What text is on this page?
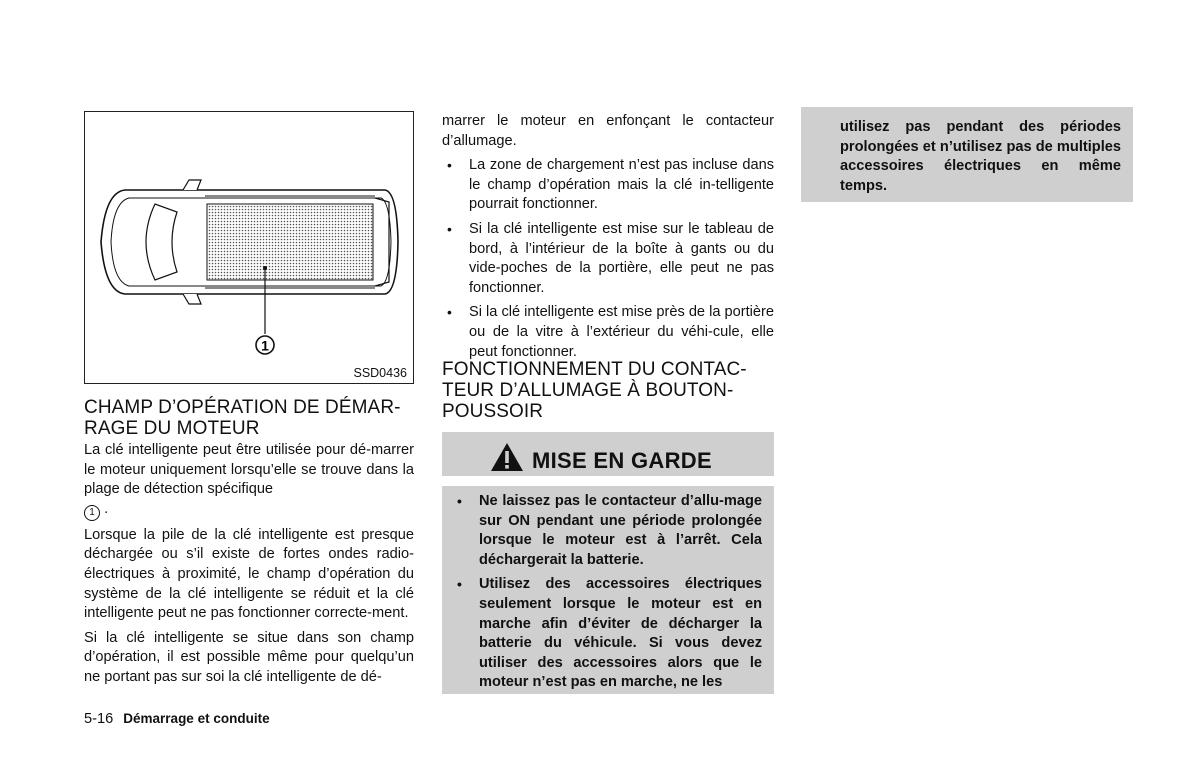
1
SSD0436
CHAMP D’OPÉRATION DE DÉMAR-
RAGE DU MOTEUR

La clé intelligente peut être utilisée pour dé-marrer le moteur uniquement lorsqu’elle se trouve dans la plage de détection spécifique
1 .

Lorsque la pile de la clé intelligente est presque déchargée ou s’il existe de fortes ondes radio-électriques à proximité, le champ d’opération du système de la clé intelligente se réduit et la clé intelligente peut ne pas fonctionner correcte-ment.

Si la clé intelligente se situe dans son champ d’opération, il est possible même pour quelqu’un ne portant pas sur soi la clé intelligente de dé-

marrer le moteur en enfonçant le contacteur d’allumage.

• La zone de chargement n’est pas incluse dans le champ d’opération mais la clé in-telligente pourrait fonctionner.
• Si la clé intelligente est mise sur le tableau de bord, à l’intérieur de la boîte à gants ou du vide-poches de la portière, elle peut ne pas fonctionner.
• Si la clé intelligente est mise près de la portière ou de la vitre à l’extérieur du véhi-cule, elle peut fonctionner.
FONCTIONNEMENT DU CONTAC-
TEUR D’ALLUMAGE À BOUTON-
POUSSOIR
MISE EN GARDE
• Ne laissez pas le contacteur d’allu-mage sur ON pendant une période prolongée lorsque le moteur est à l’arrêt. Cela déchargerait la batterie.
• Utilisez des accessoires électriques seulement lorsque le moteur est en marche afin d’éviter de décharger la batterie du véhicule. Si vous devez utiliser des accessoires alors que le moteur n’est pas en marche, ne les
utilisez pas pendant des périodes prolongées et n’utilisez pas de multiples accessoires électriques en même temps.
5-16 Démarrage et conduite
